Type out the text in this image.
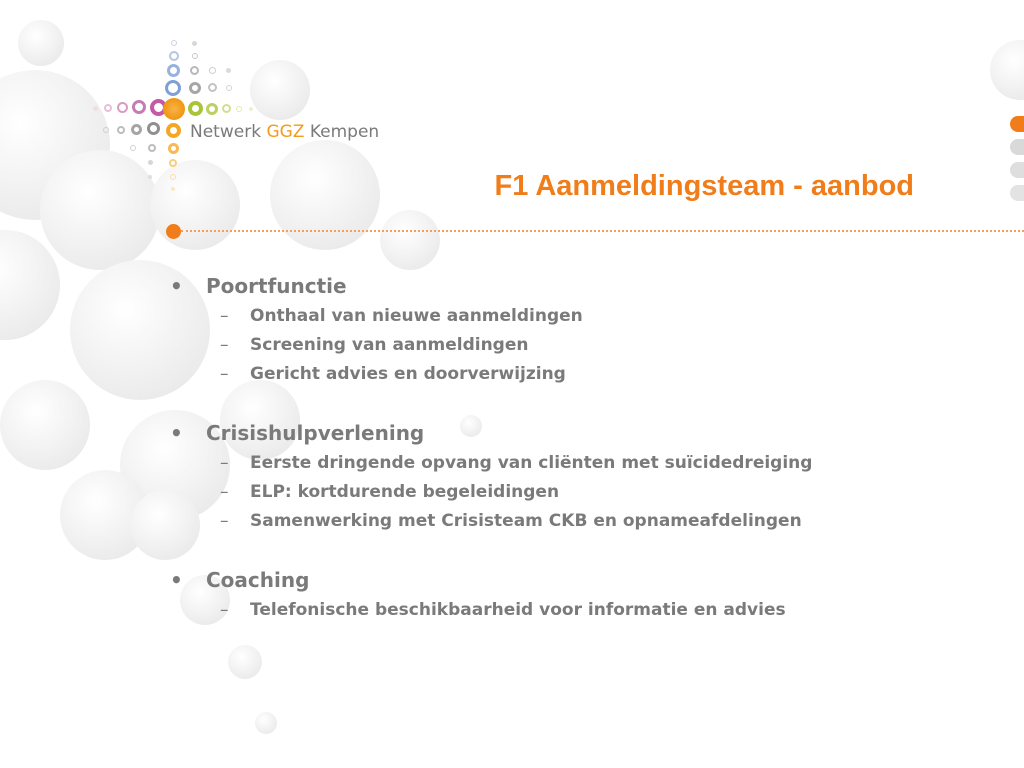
Netwerk GGZ Kempen
F1 Aanmeldingsteam - aanbod
• Poortfunctie
– Onthaal van nieuwe aanmeldingen
– Screening van aanmeldingen
– Gericht advies en doorverwijzing
• Crisishulpverlening
– Eerste dringende opvang van cliënten met suïcidedreiging
– ELP: kortdurende begeleidingen
– Samenwerking met Crisisteam CKB en opnameafdelingen
• Coaching
– Telefonische beschikbaarheid voor informatie en advies
